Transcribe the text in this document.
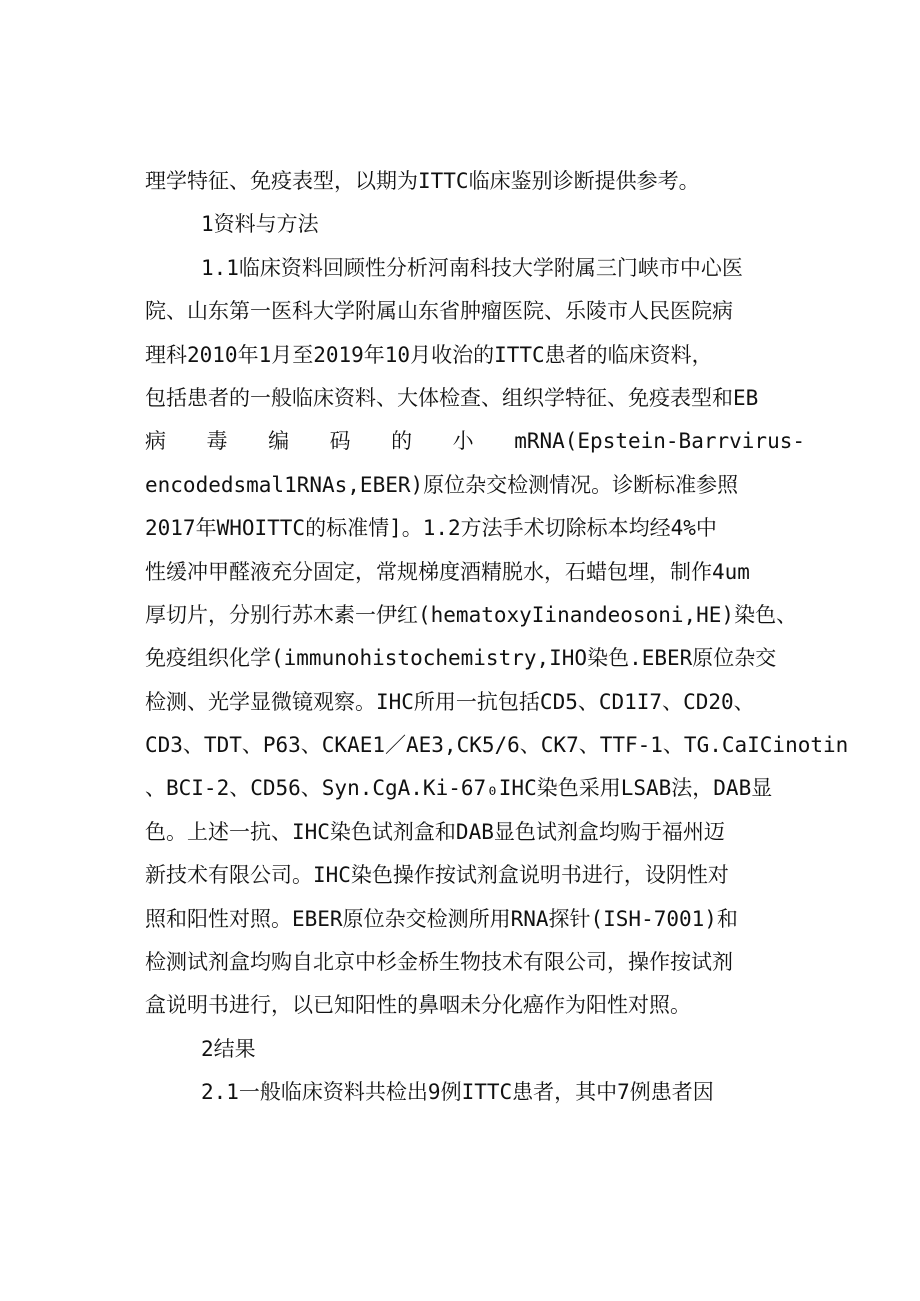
理学特征、免疫表型，以期为ITTC临床鉴别诊断提供参考。
1资料与方法
1.1临床资料回顾性分析河南科技大学附属三门峡市中心医
院、山东第一医科大学附属山东省肿瘤医院、乐陵市人民医院病
理科2010年1月至2019年10月收治的ITTC患者的临床资料，
包括患者的一般临床资料、大体检查、组织学特征、免疫表型和EB
病 毒 编 码 的 小 mRNA(Epstein-Barrvirus-
encodedsmal1RNAs,EBER)原位杂交检测情况。诊断标准参照
2017年WHOITTC的标准情]。1.2方法手术切除标本均经4%中
性缓冲甲醛液充分固定，常规梯度酒精脱水，石蜡包埋，制作4um
厚切片，分别行苏木素一伊红(hematoxyIinandeosoni,HE)染色、
免疫组织化学(immunohistochemistry,IHO染色.EBER原位杂交
检测、光学显微镜观察。IHC所用一抗包括CD5、CD1I7、CD20、
CD3、TDT、P63、CKAE1／AE3,CK5/6、CK7、TTF-1、TG.CaICinotin
、BCI-2、CD56、Syn.CgA.Ki-67₀IHC染色采用LSAB法，DAB显
色。上述一抗、IHC染色试剂盒和DAB显色试剂盒均购于福州迈
新技术有限公司。IHC染色操作按试剂盒说明书进行，设阴性对
照和阳性对照。EBER原位杂交检测所用RNA探针(ISH-7001)和
检测试剂盒均购自北京中杉金桥生物技术有限公司，操作按试剂
盒说明书进行，以已知阳性的鼻咽未分化癌作为阳性对照。
2结果
2.1一般临床资料共检出9例ITTC患者，其中7例患者因
